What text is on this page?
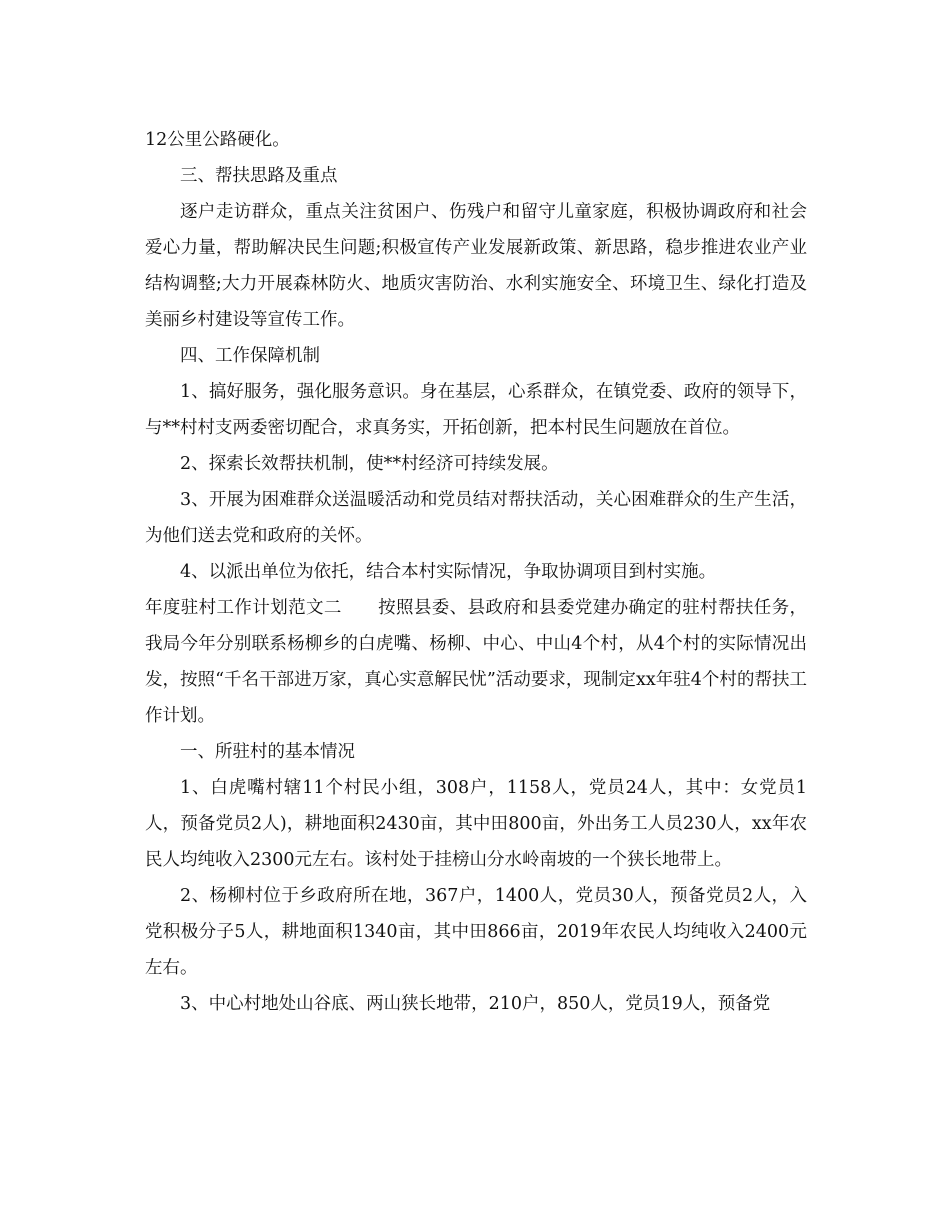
12公里公路硬化。

三、帮扶思路及重点

逐户走访群众，重点关注贫困户、伤残户和留守儿童家庭，积极协调政府和社会爱心力量，帮助解决民生问题;积极宣传产业发展新政策、新思路，稳步推进农业产业结构调整;大力开展森林防火、地质灾害防治、水利实施安全、环境卫生、绿化打造及美丽乡村建设等宣传工作。

四、工作保障机制

1、搞好服务，强化服务意识。身在基层，心系群众，在镇党委、政府的领导下，与**村村支两委密切配合，求真务实，开拓创新，把本村民生问题放在首位。

2、探索长效帮扶机制，使**村经济可持续发展。

3、开展为困难群众送温暖活动和党员结对帮扶活动，关心困难群众的生产生活，为他们送去党和政府的关怀。

4、以派出单位为依托，结合本村实际情况，争取协调项目到村实施。

年度驻村工作计划范文二 按照县委、县政府和县委党建办确定的驻村帮扶任务，我局今年分别联系杨柳乡的白虎嘴、杨柳、中心、中山4个村，从4个村的实际情况出发，按照“千名干部进万家，真心实意解民忧”活动要求，现制定xx年驻4个村的帮扶工作计划。

一、所驻村的基本情况

1、白虎嘴村辖11个村民小组，308户，1158人，党员24人，其中：女党员1人，预备党员2人)，耕地面积2430亩，其中田800亩，外出务工人员230人，xx年农民人均纯收入2300元左右。该村处于挂榜山分水岭南坡的一个狭长地带上。

2、杨柳村位于乡政府所在地，367户，1400人，党员30人，预备党员2人，入党积极分子5人，耕地面积1340亩，其中田866亩，2019年农民人均纯收入2400元左右。

3、中心村地处山谷底、两山狭长地带，210户，850人，党员19人，预备党
